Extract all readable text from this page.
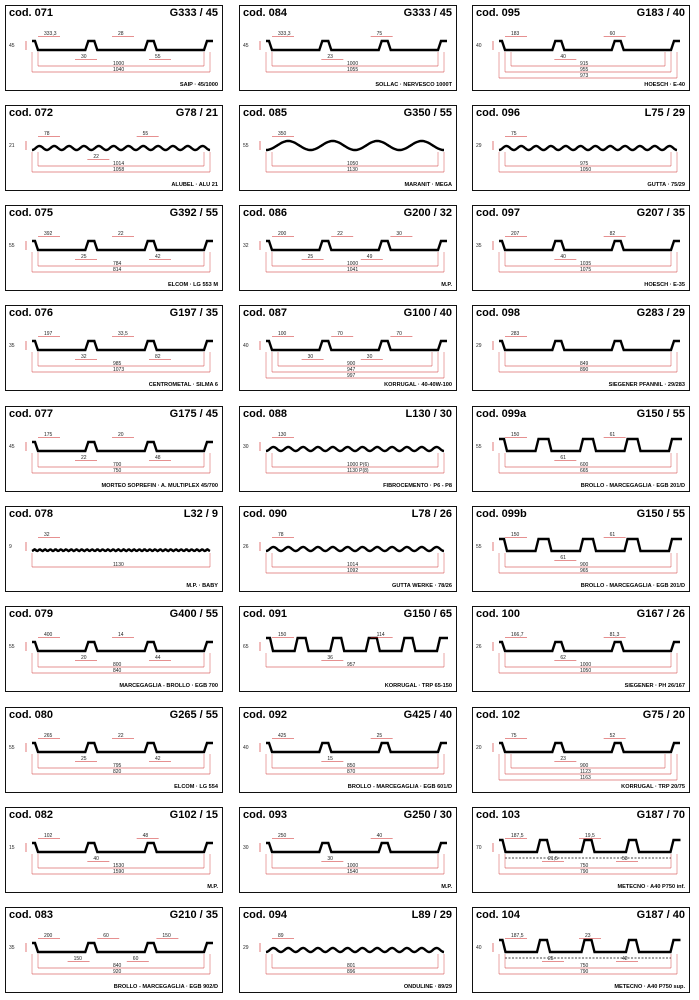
cod. 071	G333 / 45
SAIP · 45/1000
45
333,3
30
28
55
1000
1040
cod. 084	G333 / 45
SOLLAC · NERVESCO 1000T
45
333,3
23
75
1000
1055
cod. 095	G183 / 40
HOESCH · E-40
40
183
40
60
915
955
973
cod. 072	G78 / 21
ALUBEL · ALU 21
21
78
22
55
1014
1058
cod. 085	G350 / 55
MARANIT · MEGA
55
350
1050
1130
cod. 096	L75 / 29
GUTTA · 75/29
29
75
975
1050
cod. 075	G392 / 55
ELCOM · LG 553 M
55
392
25
22
42
784
814
cod. 086	G200 / 32
M.P.
32
200
25
22
49
30
1000
1041
cod. 097	G207 / 35
HOESCH · E-35
35
207
40
82
1035
1075
cod. 076	G197 / 35
CENTROMETAL · SILMA 6
35
197
32
33,5
82
985
1073
cod. 087	G100 / 40
KORRUGAL · 40-40W-100
40
100
30
70
30
70
900
947
997
cod. 098	G283 / 29
SIEGENER PFANNIL · 29/283
29
283
849
890
cod. 077	G175 / 45
MORTEO SOPREFIN · A. MULTIPLEX 45/700
45
175
22
20
48
700
750
cod. 088	L130 / 30
FIBROCEMENTO · P6 - P8
30
130
1000 P(6)
1130 P(8)
cod. 099a	G150 / 55
BROLLO - MARCEGAGLIA · EGB 201/D
55
150
61
61
600
665
cod. 078	L32 / 9
M.P. · BABY
9
32
1130
cod. 090	L78 / 26
GUTTA WERKE · 78/26
26
78
1014
1092
cod. 099b	G150 / 55
BROLLO - MARCEGAGLIA · EGB 201/D
55
150
61
61
900
965
cod. 079	G400 / 55
MARCEGAGLIA - BROLLO · EGB 700
55
400
20
14
44
800
840
cod. 091	G150 / 65
KORRUGAL · TRP 65-150
65
150
36
114
957
cod. 100	G167 / 26
SIEGENER · PH 26/167
26
166,7
62
81,3
1000
1050
cod. 080	G265 / 55
ELCOM · LG 554
55
265
25
22
42
795
820
cod. 092	G425 / 40
BROLLO - MARCEGAGLIA · EGB 601/D
40
425
15
25
850
870
cod. 102	G75 / 20
KORRUGAL · TRP 20/75
20
75
23
52
900
1123
1163
cod. 082	G102 / 15
M.P.
15
102
40
48
1530
1590
cod. 093	G250 / 30
M.P.
30
250
30
40
1000
1540
cod. 103	G187 / 70
METECNO · A40 P750 inf.
70
187,5
21,5
19,5
53
750
790
cod. 083	G210 / 35
BROLLO - MARCEGAGLIA · EGB 902/D
35
200
150
60
60
150
840
920
cod. 094	L89 / 29
ONDULINE · 89/29
29
89
801
896
cod. 104	G187 / 40
METECNO · A40 P750 sup.
40
187,5
25
23
42
750
790
